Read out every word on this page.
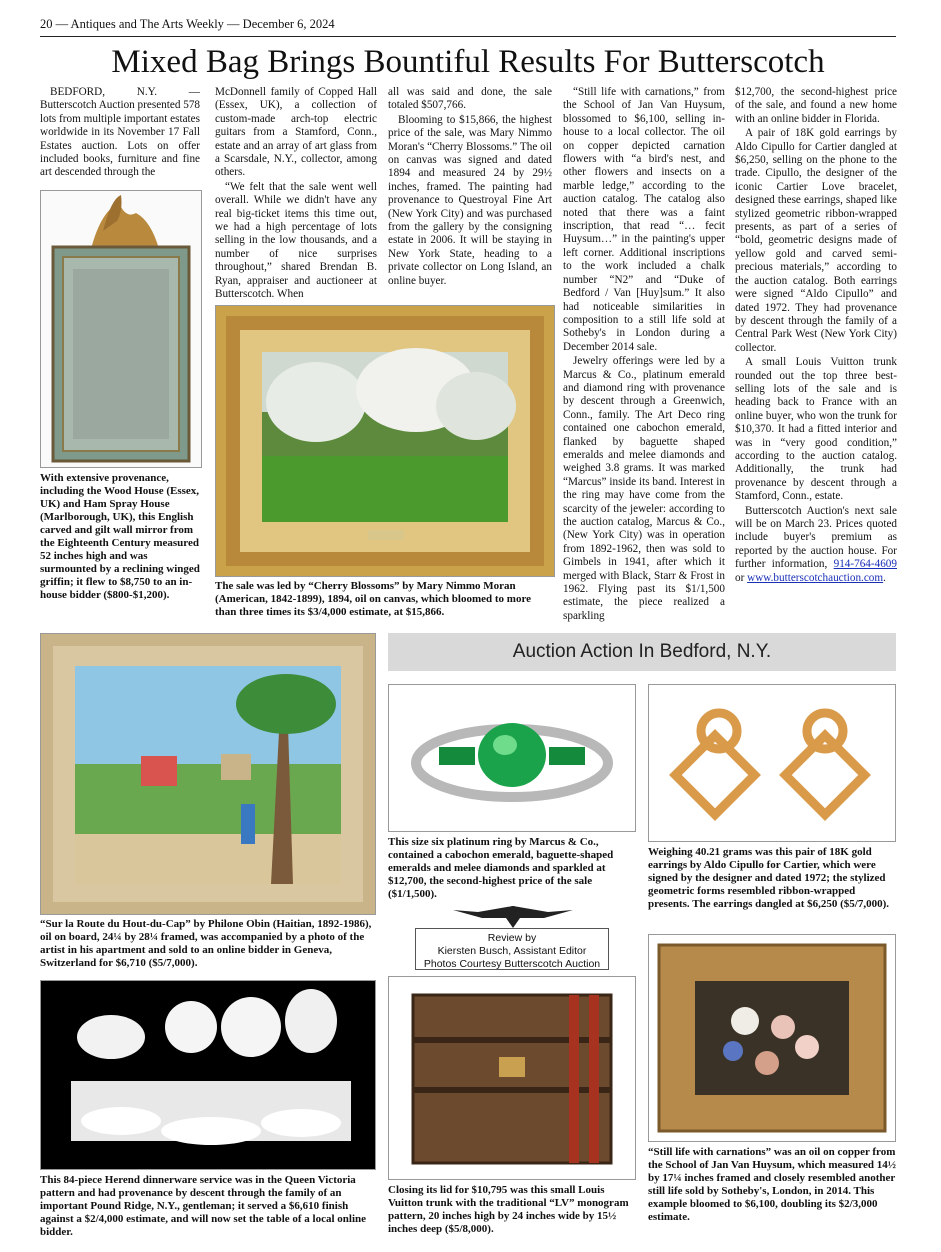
20 — Antiques and The Arts Weekly — December 6, 2024
Mixed Bag Brings Bountiful Results For Butterscotch

BEDFORD, N.Y. — Butterscotch Auction presented 578 lots from multiple important estates worldwide in its November 17 Fall Estates auction. Lots on offer included books, furniture and fine art descended through the

With extensive provenance, including the Wood House (Essex, UK) and Ham Spray House (Marlborough, UK), this English carved and gilt wall mirror from the Eighteenth Century measured 52 inches high and was surmounted by a reclining winged griffin; it flew to $8,750 to an in-house bidder ($800-$1,200).

McDonnell family of Copped Hall (Essex, UK), a collection of custom-made arch-top electric guitars from a Stamford, Conn., estate and an array of art glass from a Scarsdale, N.Y., collector, among others.

“We felt that the sale went well overall. While we didn't have any real big-ticket items this time out, we had a high percentage of lots selling in the low thousands, and a number of nice surprises throughout,” shared Brendan B. Ryan, appraiser and auctioneer at Butterscotch. When

all was said and done, the sale totaled $507,766.

Blooming to $15,866, the highest price of the sale, was Mary Nimmo Moran's “Cherry Blossoms.” The oil on canvas was signed and dated 1894 and measured 24 by 29½ inches, framed. The painting had provenance to Questroyal Fine Art (New York City) and was purchased from the gallery by the consigning estate in 2006. It will be staying in New York State, heading to a private collector on Long Island, an online buyer.

The sale was led by “Cherry Blossoms” by Mary Nimmo Moran (American, 1842-1899), 1894, oil on canvas, which bloomed to more than three times its $3/4,000 estimate, at $15,866.

“Still life with carnations,” from the School of Jan Van Huysum, blossomed to $6,100, selling in-house to a local collector. The oil on copper depicted carnation flowers with “a bird's nest, and other flowers and insects on a marble ledge,” according to the auction catalog. The catalog also noted that there was a faint inscription, that read “… fecit Huysum…” in the painting's upper left corner. Additional inscriptions to the work included a chalk number “N2” and “Duke of Bedford / Van [Huy]sum.” It also had noticeable similarities in composition to a still life sold at Sotheby's in London during a December 2014 sale.

Jewelry offerings were led by a Marcus & Co., platinum emerald and diamond ring with provenance by descent through a Greenwich, Conn., family. The Art Deco ring contained one cabochon emerald, flanked by baguette shaped emeralds and melee diamonds and weighed 3.8 grams. It was marked “Marcus” inside its band. Interest in the ring may have come from the scarcity of the jeweler: according to the auction catalog, Marcus & Co., (New York City) was in operation from 1892-1962, then was sold to Gimbels in 1941, after which it merged with Black, Starr & Frost in 1962. Flying past its $1/1,500 estimate, the piece realized a sparkling

$12,700, the second-highest price of the sale, and found a new home with an online bidder in Florida.

A pair of 18K gold earrings by Aldo Cipullo for Cartier dangled at $6,250, selling on the phone to the trade. Cipullo, the designer of the iconic Cartier Love bracelet, designed these earrings, shaped like stylized geometric ribbon-wrapped presents, as part of a series of “bold, geometric designs made of yellow gold and carved semi-precious materials,” according to the auction catalog. Both earrings were signed “Aldo Cipullo” and dated 1972. They had provenance by descent through the family of a Central Park West (New York City) collector.

A small Louis Vuitton trunk rounded out the top three best-selling lots of the sale and is heading back to France with an online buyer, who won the trunk for $10,370. It had a fitted interior and was in “very good condition,” according to the auction catalog. Additionally, the trunk had provenance by descent through a Stamford, Conn., estate.

Butterscotch Auction's next sale will be on March 23. Prices quoted include buyer's premium as reported by the auction house. For further information, 914-764-4609 or www.butterscotchauction.com.

“Sur la Route du Hout-du-Cap” by Philone Obin (Haitian, 1892-1986), oil on board, 24¼ by 28¼ framed, was accompanied by a photo of the artist in his apartment and sold to an online bidder in Geneva, Switzerland for $6,710 ($5/7,000).
Auction Action In Bedford, N.Y.
This size six platinum ring by Marcus & Co., contained a cabochon emerald, baguette-shaped emeralds and melee diamonds and sparkled at $12,700, the second-highest price of the sale ($1/1,500).
Weighing 40.21 grams was this pair of 18K gold earrings by Aldo Cipullo for Cartier, which were signed by the designer and dated 1972; the stylized geometric forms resembled ribbon-wrapped presents. The earrings dangled at $6,250 ($5/7,000).
Review by
Kiersten Busch, Assistant Editor
Photos Courtesy Butterscotch Auction
This 84-piece Herend dinnerware service was in the Queen Victoria pattern and had provenance by descent through the family of an important Pound Ridge, N.Y., gentleman; it served a $6,610 finish against a $2/4,000 estimate, and will now set the table of a local online bidder.
Closing its lid for $10,795 was this small Louis Vuitton trunk with the traditional “LV” monogram pattern, 20 inches high by 24 inches wide by 15½ inches deep ($5/8,000).
“Still life with carnations” was an oil on copper from the School of Jan Van Huysum, which measured 14½ by 17¼ inches framed and closely resembled another still life sold by Sotheby's, London, in 2014. This example bloomed to $6,100, doubling its $2/3,000 estimate.
